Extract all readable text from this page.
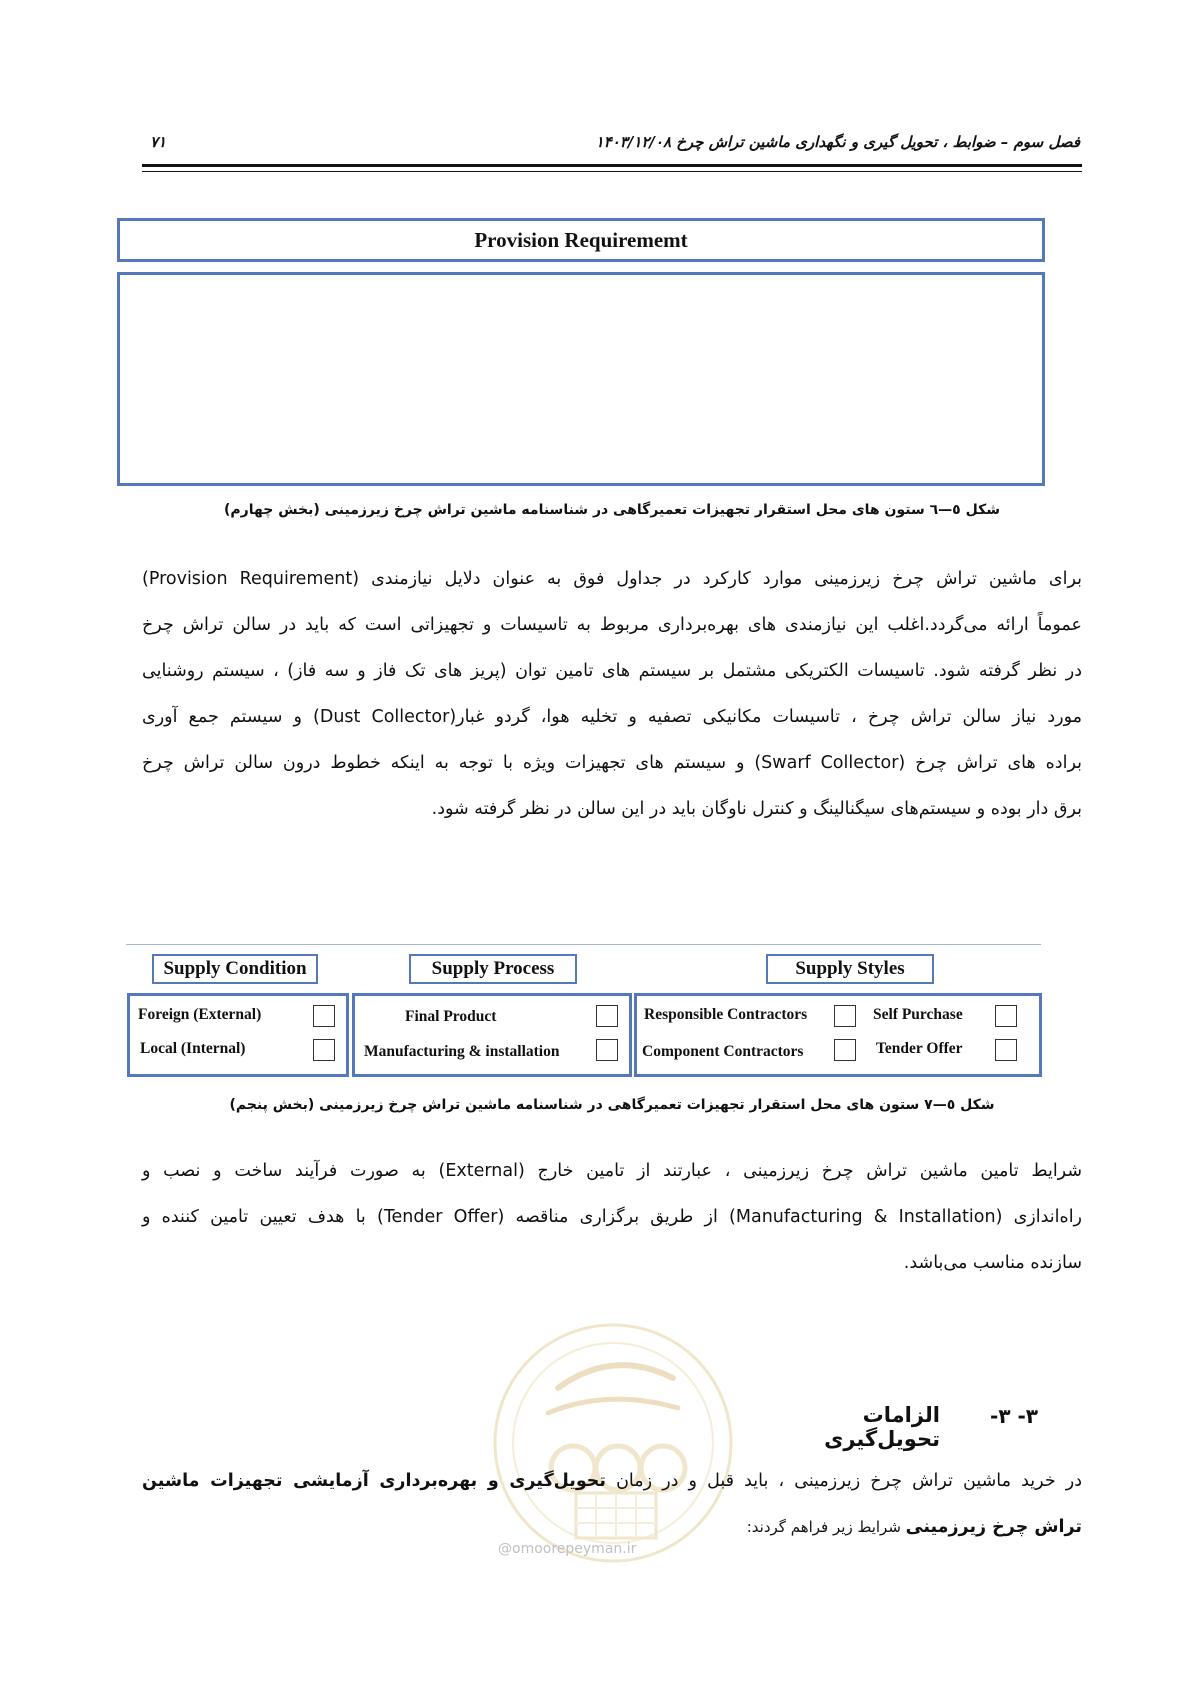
فصل سوم – ضوابط ، تحویل گیری و نگهداری ماشین تراش چرخ ۱۴۰۳/۱۲/۰۸
۷۱
Provision Requirememt
شکل ٥—٦ ستون های محل استقرار تجهیزات تعمیرگاهی در شناسنامه ماشین تراش چرخ زیرزمینی (بخش چهارم)
برای ماشین تراش چرخ زیرزمینی موارد کارکرد در جداول فوق به عنوان دلایل نیازمندی (Provision Requirement)
عموماً ارائه می‌گردد.اغلب این نیازمندی های بهره‌برداری مربوط به تاسیسات و تجهیزاتی است که باید در سالن تراش چرخ
در نظر گرفته شود. تاسیسات الکتریکی مشتمل بر سیستم های تامین توان (پریز های تک فاز و سه فاز) ، سیستم روشنایی
مورد نیاز سالن تراش چرخ ، تاسیسات مکانیکی تصفیه و تخلیه هوا، گردو غبار(Dust Collector) و سیستم جمع آوری
براده های تراش چرخ (Swarf Collector) و سیستم های تجهیزات ویژه با توجه به اینکه خطوط درون سالن تراش چرخ
برق دار بوده و سیستم‌های سیگنالینگ و کنترل ناوگان باید در این سالن در نظر گرفته شود.
Supply Condition	Supply Process	Supply Styles
Foreign (External)
Local (Internal)
Final Product
Manufacturing & installation
Responsible Contractors
Component Contractors
Self Purchase
Tender Offer
شکل ٥—٧ ستون های محل استقرار تجهیزات تعمیرگاهی در شناسنامه ماشین تراش چرخ زیرزمینی (بخش پنجم)
شرایط تامین ماشین تراش چرخ زیرزمینی ، عبارتند از تامین خارج (External) به صورت فرآیند ساخت و نصب و
راه‌اندازی (Manufacturing & Installation) از طریق برگزاری مناقصه (Tender Offer) با هدف تعیین تامین کننده و
سازنده مناسب می‌باشد.
@omoorepeyman.ir
۳- ۳-
الزامات تحویل‌گیری
در خرید ماشین تراش چرخ زیرزمینی ، باید قبل و در زمان تحویل‌گیری و بهره‌برداری آزمایشی تجهیزات ماشین
تراش چرخ زیرزمینی شرایط زیر فراهم گردند:
